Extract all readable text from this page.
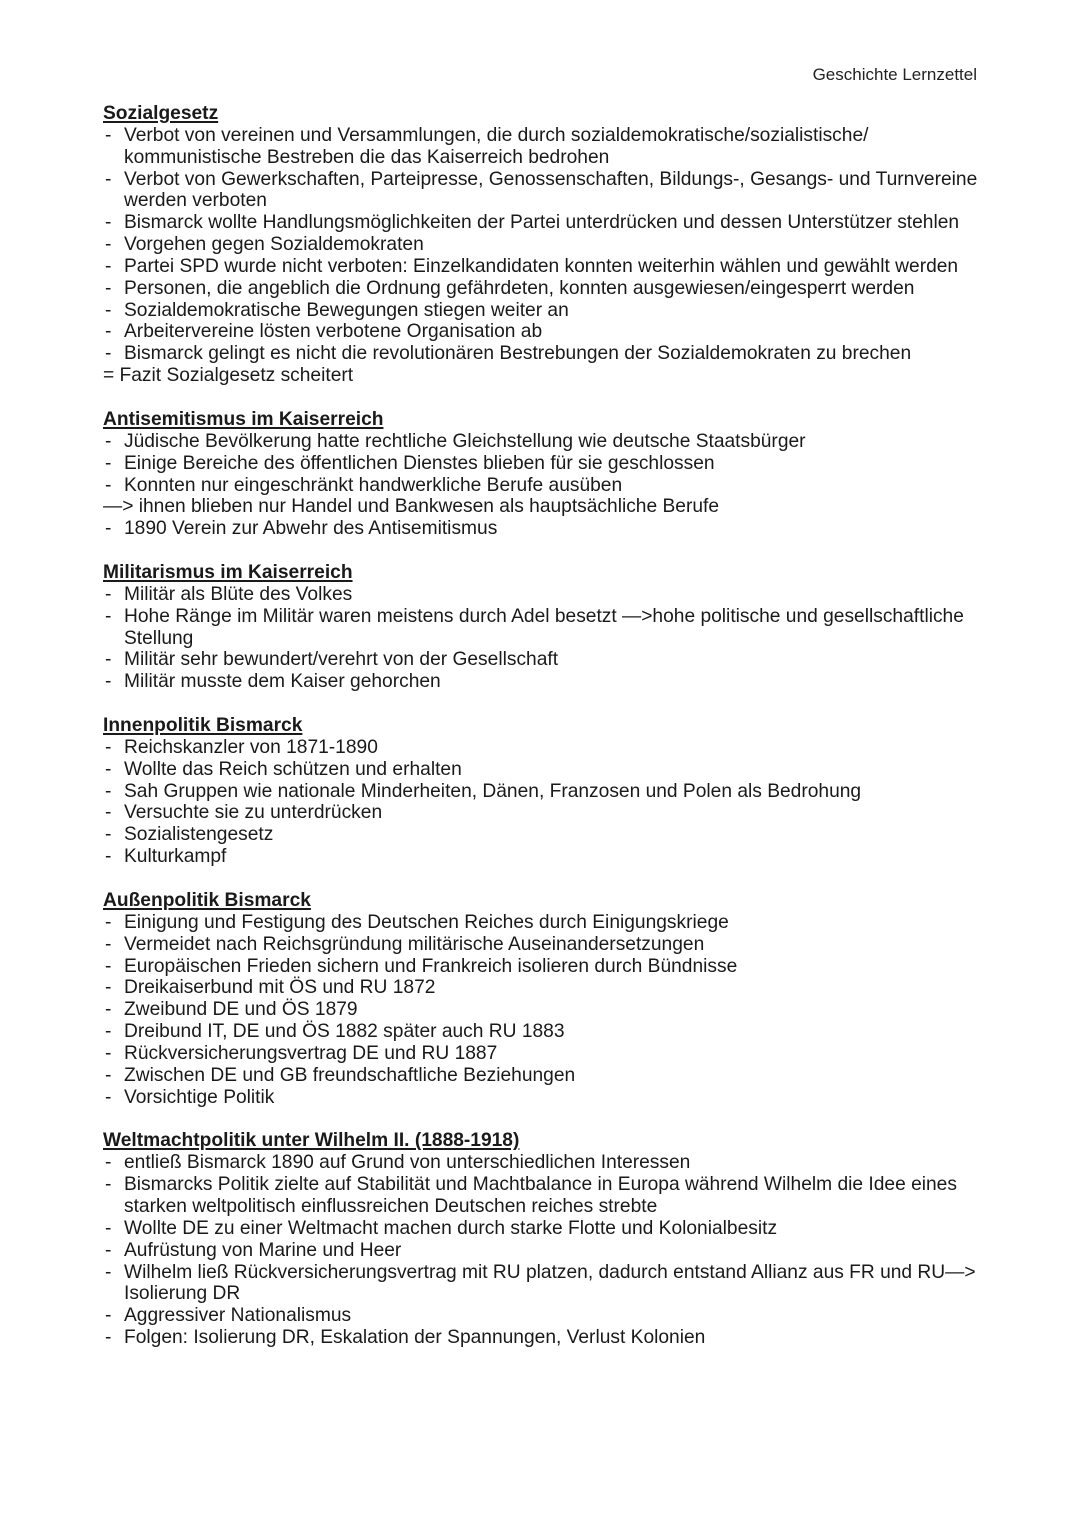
Geschichte Lernzettel
Sozialgesetz
- Verbot von vereinen und Versammlungen, die durch sozialdemokratische/sozialistische/ kommunistische Bestreben die das Kaiserreich bedrohen
- Verbot von Gewerkschaften, Parteipresse, Genossenschaften, Bildungs-, Gesangs- und Turnvereine werden verboten
- Bismarck wollte Handlungsmöglichkeiten der Partei unterdrücken und dessen Unterstützer stehlen
- Vorgehen gegen Sozialdemokraten
- Partei SPD wurde nicht verboten: Einzelkandidaten konnten weiterhin wählen und gewählt werden
- Personen, die angeblich die Ordnung gefährdeten, konnten ausgewiesen/eingesperrt werden
- Sozialdemokratische Bewegungen stiegen weiter an
- Arbeitervereine lösten verbotene Organisation ab
- Bismarck gelingt es nicht die revolutionären Bestrebungen der Sozialdemokraten zu brechen
= Fazit Sozialgesetz scheitert
Antisemitismus im Kaiserreich
- Jüdische Bevölkerung hatte rechtliche Gleichstellung wie deutsche Staatsbürger
- Einige Bereiche des öffentlichen Dienstes blieben für sie geschlossen
- Konnten nur eingeschränkt handwerkliche Berufe ausüben
—> ihnen blieben nur Handel und Bankwesen als hauptsächliche Berufe
- 1890 Verein zur Abwehr des Antisemitismus
Militarismus im Kaiserreich
- Militär als Blüte des Volkes
- Hohe Ränge im Militär waren meistens durch Adel besetzt —>hohe politische und gesellschaftliche Stellung
- Militär sehr bewundert/verehrt von der Gesellschaft
- Militär musste dem Kaiser gehorchen
Innenpolitik Bismarck
- Reichskanzler von 1871-1890
- Wollte das Reich schützen und erhalten
- Sah Gruppen wie nationale Minderheiten, Dänen, Franzosen und Polen als Bedrohung
- Versuchte sie zu unterdrücken
- Sozialistengesetz
- Kulturkampf
Außenpolitik Bismarck
- Einigung und Festigung des Deutschen Reiches durch Einigungskriege
- Vermeidet nach Reichsgründung militärische Auseinandersetzungen
- Europäischen Frieden sichern und Frankreich isolieren durch Bündnisse
- Dreikaiserbund mit ÖS und RU 1872
- Zweibund DE und ÖS 1879
- Dreibund IT, DE und ÖS 1882 später auch RU 1883
- Rückversicherungsvertrag DE und RU 1887
- Zwischen DE und GB freundschaftliche Beziehungen
- Vorsichtige Politik
Weltmachtpolitik unter Wilhelm II. (1888-1918)
- entließ Bismarck 1890 auf Grund von unterschiedlichen Interessen
- Bismarcks Politik zielte auf Stabilität und Machtbalance in Europa während Wilhelm die Idee eines starken weltpolitisch einflussreichen Deutschen reiches strebte
- Wollte DE zu einer Weltmacht machen durch starke Flotte und Kolonialbesitz
- Aufrüstung von Marine und Heer
- Wilhelm ließ Rückversicherungsvertrag mit RU platzen, dadurch entstand Allianz aus FR und RU—> Isolierung DR
- Aggressiver Nationalismus
- Folgen: Isolierung DR, Eskalation der Spannungen, Verlust Kolonien
